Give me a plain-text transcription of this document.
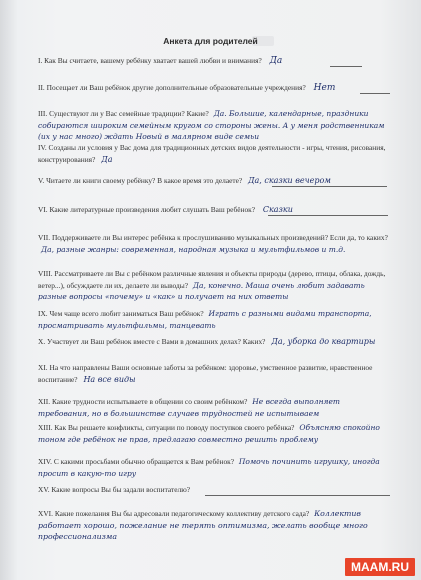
Анкета для родителей
I. Как Вы считаете, вашему ребёнку хватает вашей любви и внимания? Да
II. Посещает ли Ваш ребёнок другие дополнительные образовательные учреждения? Нет
III. Существуют ли у Вас семейные традиции? Какие? Да. Большие, календарные, праздники собираются широким семейным кругом со стороны жены. А у меня родственникам (их у нас много) ждать Новый в малярном виде семьи
IV. Созданы ли условия у Вас дома для традиционных детских видов деятельности - игры, чтения, рисования, конструирования? Да
V. Читаете ли книги своему ребёнку? В какое время это делаете? Да, сказки вечером
VI. Какие литературные произведения любит слушать Ваш ребёнок? Сказки
VII. Поддерживаете ли Вы интерес ребёнка к прослушиванию музыкальных произведений? Если да, то каких? Да, разные жанры: современная, народная музыка и мультфильмов и т.д.
VIII. Рассматриваете ли Вы с ребёнком различные явления и объекты природы (дерево, птицы, облака, дождь, ветер...), обсуждаете ли их, делаете ли выводы? Да, конечно. Маша очень любит задавать разные вопросы «почему» и «как» и получает на них ответы
IX. Чем чаще всего любит заниматься Ваш ребёнок? Играть с разными видами транспорта, просматривать мультфильмы, танцевать
X. Участвует ли Ваш ребёнок вместе с Вами в домашних делах? Каких? Да, уборка до квартиры
XI. На что направлены Ваши основные заботы за ребёнком: здоровье, умственное развитие, нравственное воспитание? На все виды
XII. Какие трудности испытываете в общении со своим ребёнком? Не всегда выполняет требования, но в большинстве случаев трудностей не испытываем
XIII. Как Вы решаете конфликты, ситуации по поводу поступков своего ребёнка? Объясняю спокойно тоном где ребёнок не прав, предлагаю совместно решить проблему
XIV. С какими просьбами обычно обращается к Вам ребёнок? Помочь починить игрушку, иногда просит в какую-то игру
XV. Какие вопросы Вы бы задали воспитателю?
XVI. Какие пожелания Вы бы адресовали педагогическому коллективу детского сада? Коллектив работает хорошо, пожелание не терять оптимизма, желать вообще много профессионализма
MAAM.RU
